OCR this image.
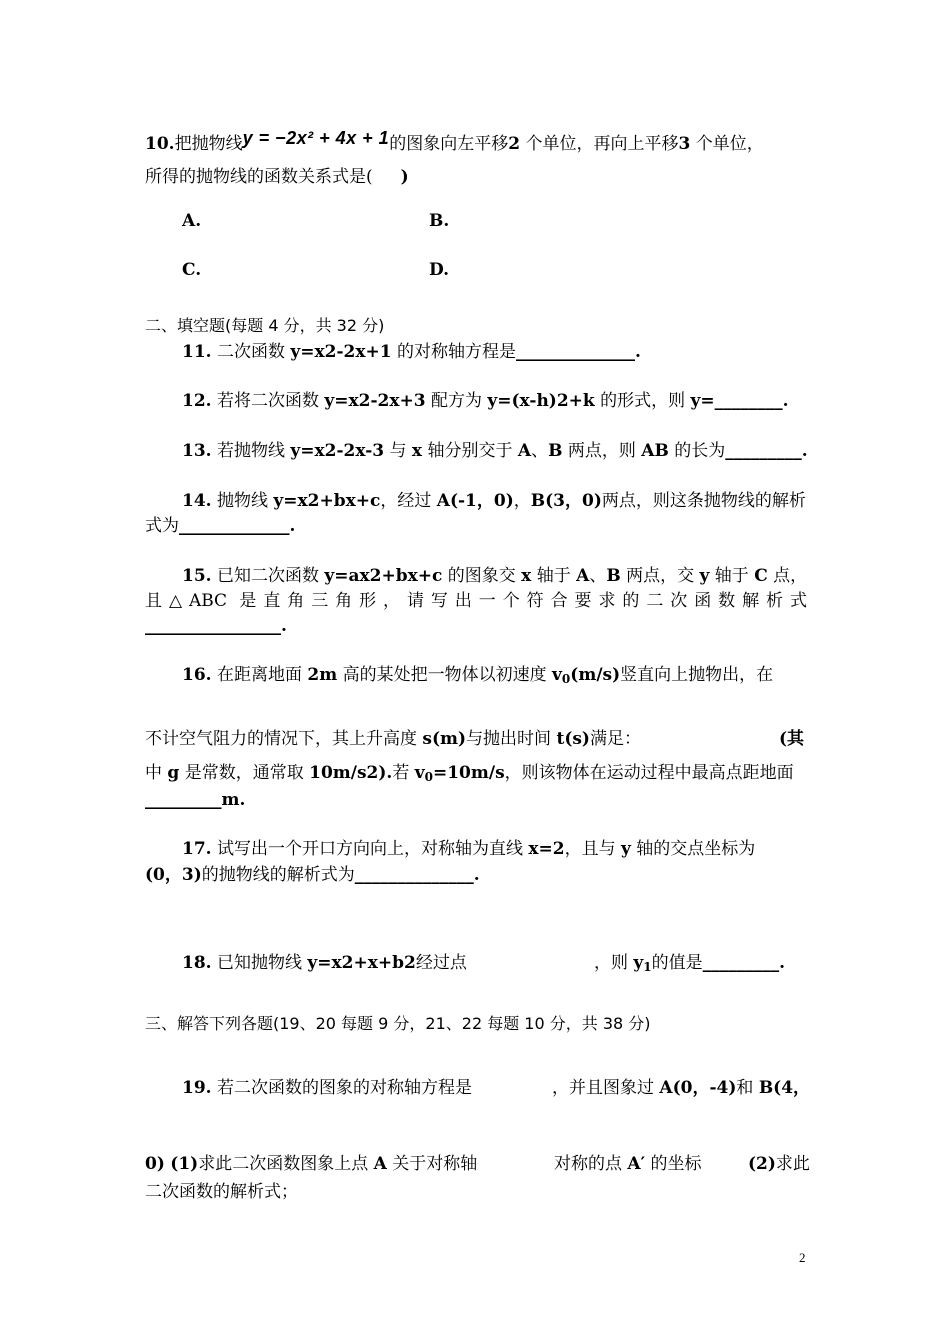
10.把抛物线y = −2x² + 4x + 1的图象向左平移2 个单位，再向上平移3 个单位，
所得的抛物线的函数关系式是( )
A.	B.
C.	D.
二、填空题(每题 4 分，共 32 分)
11. 二次函数 y=x2-2x+1 的对称轴方程是______________.
12. 若将二次函数 y=x2-2x+3 配方为 y=(x-h)2+k 的形式，则 y=________.
13. 若抛物线 y=x2-2x-3 与 x 轴分别交于 A、B 两点，则 AB 的长为_________.
14. 抛物线 y=x2+bx+c，经过 A(-1，0)，B(3，0)两点，则这条抛物线的解析
式为_____________.
15. 已知二次函数 y=ax2+bx+c 的图象交 x 轴于 A、B 两点，交 y 轴于 C 点，
且△ABC 是直角三角形，请写出一个符合要求的二次函数解析式
________________.
16. 在距离地面 2m 高的某处把一物体以初速度 $v_0(m/s)$竖直向上抛物出，在
不计空气阻力的情况下，其上升高度 s(m)与抛出时间 t(s)满足：	(其
中 g 是常数，通常取 10m/s2).若 $v_0=10m/s$，则该物体在运动过程中最高点距地面
_________m.
17. 试写出一个开口方向向上，对称轴为直线 x=2，且与 y 轴的交点坐标为
(0，3)的抛物线的解析式为______________.
18. 已知抛物线 y=x2+x+b2经过点	，则 $y_1$的值是_________.
三、解答下列各题(19、20 每题 9 分，21、22 每题 10 分，共 38 分)
19. 若二次函数的图象的对称轴方程是	，并且图象过 A(0，-4)和 B(4，
0) (1)求此二次函数图象上点 A 关于对称轴	对称的点 A′ 的坐标	(2)求此
二次函数的解析式；
2
